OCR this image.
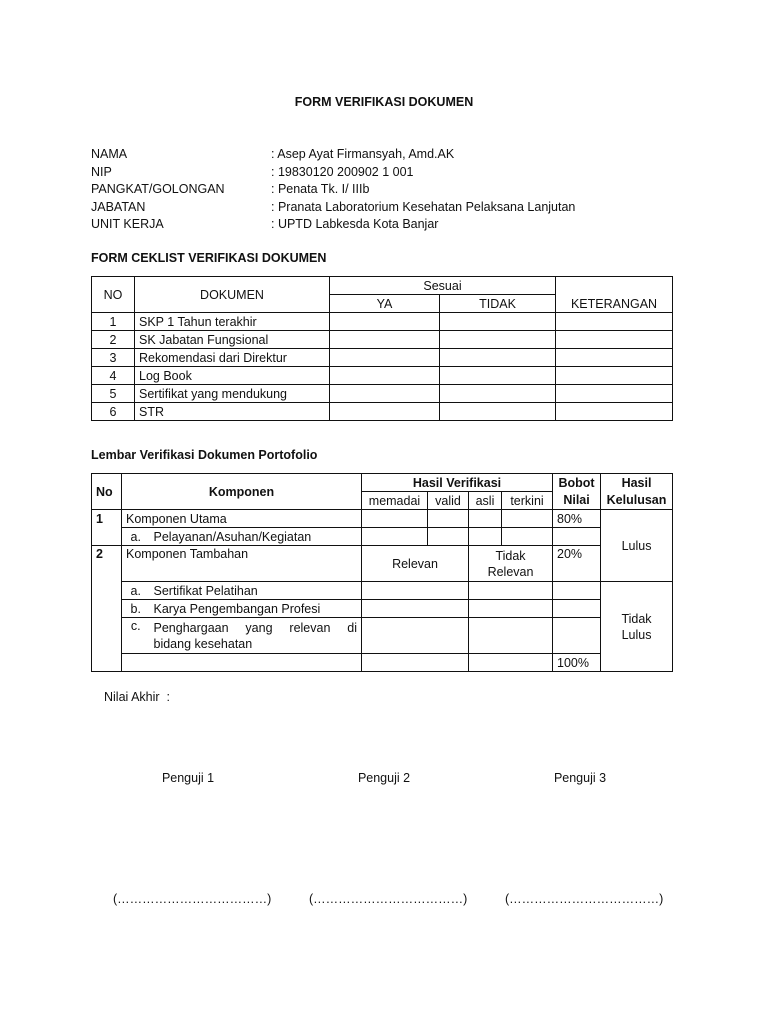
FORM VERIFIKASI DOKUMEN
NAMA	: Asep Ayat Firmansyah, Amd.AK
NIP	: 19830120 200902 1 001
PANGKAT/GOLONGAN	: Penata Tk. I/ IIIb
JABATAN	: Pranata Laboratorium Kesehatan Pelaksana Lanjutan
UNIT KERJA	: UPTD Labkesda Kota Banjar
FORM CEKLIST VERIFIKASI DOKUMEN
NO	DOKUMEN	Sesuai		KETERANGAN
		YA	TIDAK	
1	SKP 1 Tahun terakhir			
2	SK Jabatan Fungsional			
3	Rekomendasi dari Direktur			
4	Log Book			
5	Sertifikat yang mendukung			
6	STR			
Lembar Verifikasi Dokumen Portofolio
No	Komponen		Hasil Verifikasi				Bobot	Hasil
			memadai	valid	asli	terkini	Nilai	Kelulusan
1	Komponen Utama						80%	Lulus
	a.	Pelayanan/Asuhan/Kegiatan						
2	Komponen Tambahan		Relevan		Tidak Relevan		20%	
	a.	Sertifikat Pelatihan						Tidak Lulus
	b.	Karya Pengembangan Profesi						
	c.	Penghargaan yang relevan di bidang kesehatan						
							100%	
Nilai Akhir  :
Penguji 1	Penguji 2	Penguji 3
(………………………………)	(………………………………)	(………………………………)
